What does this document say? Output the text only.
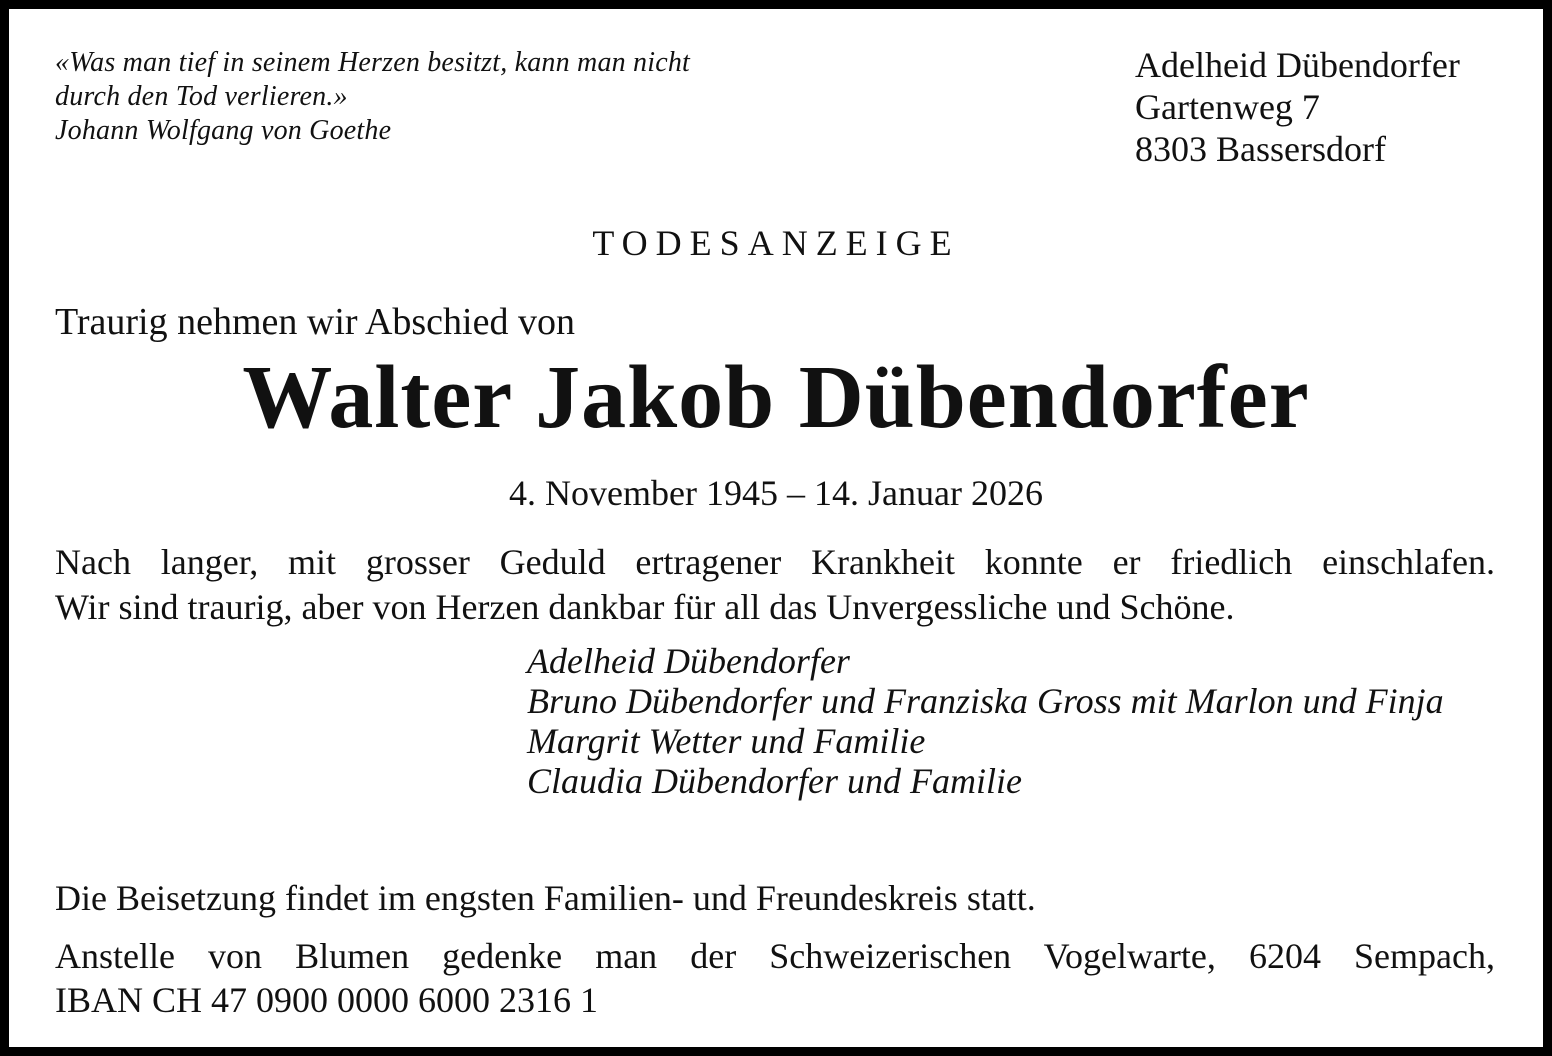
«Was man tief in seinem Herzen besitzt, kann man nicht
durch den Tod verlieren.»
Johann Wolfgang von Goethe
Adelheid Dübendorfer
Gartenweg 7
8303 Bassersdorf
TODESANZEIGE
Traurig nehmen wir Abschied von
Walter Jakob Dübendorfer
4. November 1945 – 14. Januar 2026
Nach langer, mit grosser Geduld ertragener Krankheit konnte er friedlich einschlafen.
Wir sind traurig, aber von Herzen dankbar für all das Unvergessliche und Schöne.
Adelheid Dübendorfer
Bruno Dübendorfer und Franziska Gross mit Marlon und Finja
Margrit Wetter und Familie
Claudia Dübendorfer und Familie
Die Beisetzung findet im engsten Familien- und Freundeskreis statt.
Anstelle von Blumen gedenke man der Schweizerischen Vogelwarte, 6204 Sempach,
IBAN CH 47 0900 0000 6000 2316 1
